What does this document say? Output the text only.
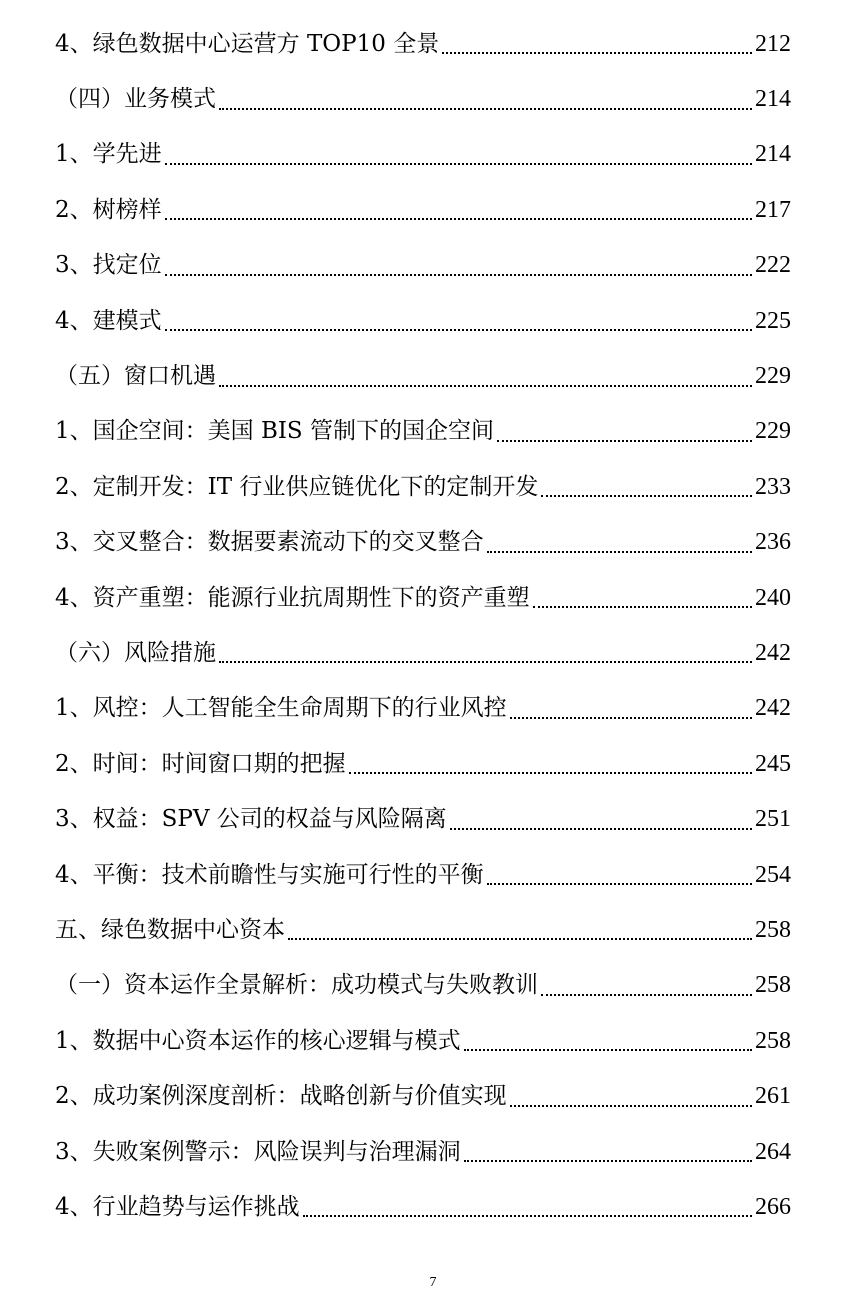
4、绿色数据中心运营方 TOP10 全景	212
（四）业务模式	214
1、学先进	214
2、树榜样	217
3、找定位	222
4、建模式	225
（五）窗口机遇	229
1、国企空间：美国 BIS 管制下的国企空间	229
2、定制开发：IT 行业供应链优化下的定制开发	233
3、交叉整合：数据要素流动下的交叉整合	236
4、资产重塑：能源行业抗周期性下的资产重塑	240
（六）风险措施	242
1、风控：人工智能全生命周期下的行业风控	242
2、时间：时间窗口期的把握	245
3、权益：SPV 公司的权益与风险隔离	251
4、平衡：技术前瞻性与实施可行性的平衡	254
五、绿色数据中心资本	258
（一）资本运作全景解析：成功模式与失败教训	258
1、数据中心资本运作的核心逻辑与模式	258
2、成功案例深度剖析：战略创新与价值实现	261
3、失败案例警示：风险误判与治理漏洞	264
4、行业趋势与运作挑战	266
7
